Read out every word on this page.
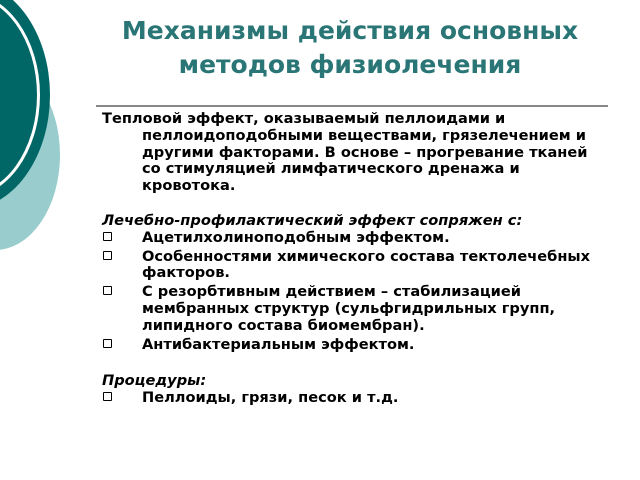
Механизмы действия основных методов физиолечения

Тепловой эффект, оказываемый пеллоидами и пеллоидоподобными веществами, грязелечением и другими факторами. В основе – прогревание тканей со стимуляцией лимфатического дренажа и кровотока.

Лечебно-профилактический эффект сопряжен с:

Ацетилхолиноподобным эффектом.
Особенностями химического состава тектолечебных факторов.
С резорбтивным действием – стабилизацией мембранных структур (сульфгидрильных групп, липидного состава биомембран).
Антибактериальным эффектом.

Процедуры:

Пеллоиды, грязи, песок и т.д.
